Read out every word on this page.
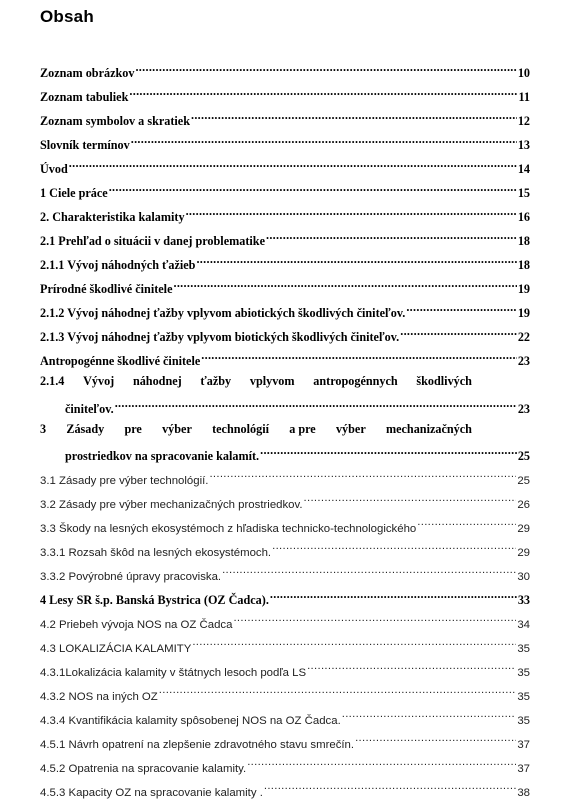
Obsah
Zoznam obrázkov .....	10
Zoznam tabuliek .....	11
Zoznam symbolov a skratiek .....	12
Slovník termínov .....	13
Úvod .....	14
1 Ciele práce .....	15
2. Charakteristika kalamity .....	16
2.1 Prehľad o situácii v danej problematike .....	18
2.1.1 Vývoj náhodných ťažieb .....	18
Prírodné škodlivé činitele .....	19
2.1.2 Vývoj náhodnej ťažby vplyvom abiotických škodlivých činiteľov. .....	19
2.1.3 Vývoj náhodnej ťažby vplyvom biotických škodlivých činiteľov. .....	22
Antropogénne škodlivé činitele .....	23
2.1.4 Vývoj náhodnej ťažby vplyvom antropogénnych škodlivých
činiteľov. .....	23
3 Zásady pre výber technológií a pre výber mechanizačných
prostriedkov na spracovanie kalamít. .....	25
3.1 Zásady pre výber technológií. .....	25
3.2 Zásady pre výber mechanizačných prostriedkov. .....	26
3.3 Škody na lesných ekosystémoch z hľadiska technicko-technologického .....	29
3.3.1 Rozsah škôd na lesných ekosystémoch. .....	29
3.3.2 Povýrobné úpravy pracoviska. .....	30
4 Lesy SR š.p. Banská Bystrica (OZ Čadca). .....	33
4.2 Priebeh vývoja NOS na OZ Čadca .....	34
4.3 LOKALIZÁCIA KALAMITY .....	35
4.3.1Lokalizácia kalamity v štátnych lesoch podľa LS .....	35
4.3.2 NOS na iných OZ .....	35
4.3.4 Kvantifikácia kalamity spôsobenej NOS na OZ Čadca. .....	35
4.5.1 Návrh opatrení na zlepšenie zdravotného stavu smrečín. .....	37
4.5.2 Opatrenia na spracovanie kalamity. .....	37
4.5.3 Kapacity OZ na spracovanie kalamity . .....	38
